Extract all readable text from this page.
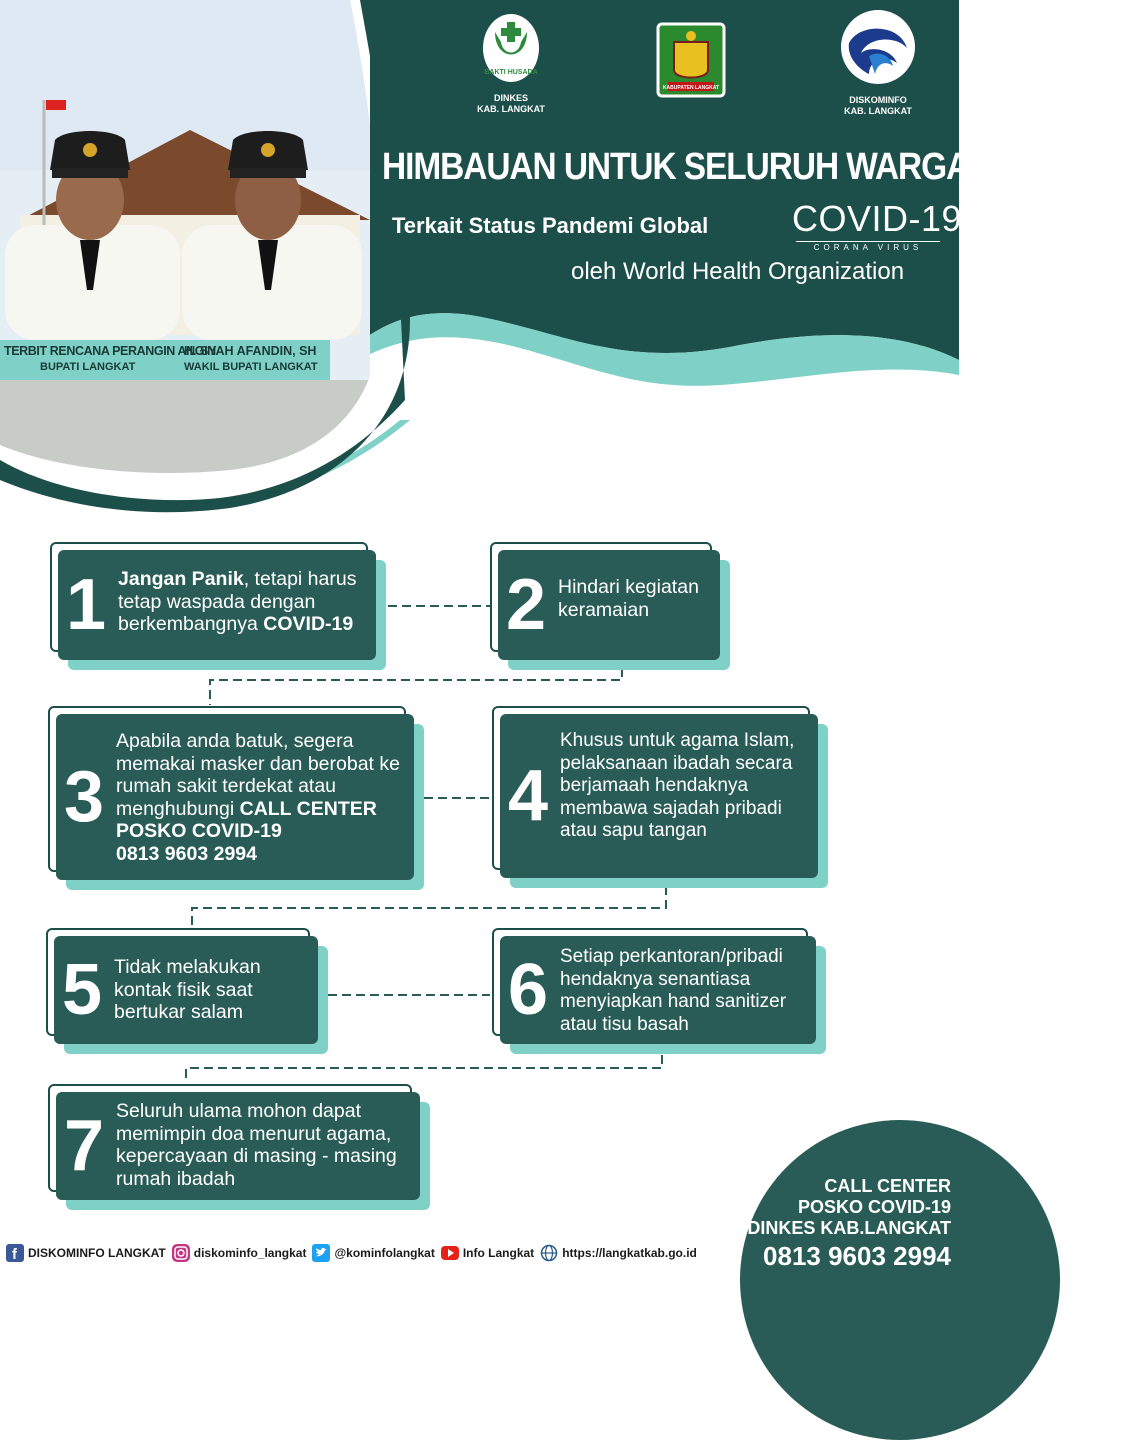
TERBIT RENCANA PERANGIN ANGIN
BUPATI LANGKAT
H. SYAH AFANDIN, SH
WAKIL BUPATI LANGKAT
BAKTI HUSADA
DINKES
KAB. LANGKAT
KABUPATEN LANGKAT
DISKOMINFO
KAB. LANGKAT
HIMBAUAN UNTUK SELURUH WARGA LANGKAT
Terkait Status Pandemi Global COVID-19
CORANA VIRUS
oleh World Health Organization
1 Jangan Panik, tetapi harus tetap waspada dengan berkembangnya COVID-19 2 Hindari kegiatan keramaian
3
Apabila anda batuk, segera memakai masker dan berobat ke rumah sakit terdekat atau menghubungi CALL CENTER POSKO COVID-19
0813 9603 2994
4
Khusus untuk agama Islam, pelaksanaan ibadah secara berjamaah hendaknya membawa sajadah pribadi atau sapu tangan
5 Tidak melakukan kontak fisik saat bertukar salam	6 Setiap perkantoran/pribadi hendaknya senantiasa menyiapkan hand sanitizer atau tisu basah
7 Seluruh ulama mohon dapat memimpin doa menurut agama, kepercayaan di masing - masing rumah ibadah	CALL CENTER
POSKO COVID-19
DINKES KAB.LANGKAT
0813 9603 2994
f DISKOMINFO LANGKAT diskominfo_langkat @kominfolangkat Info Langkat https://langkatkab.go.id
